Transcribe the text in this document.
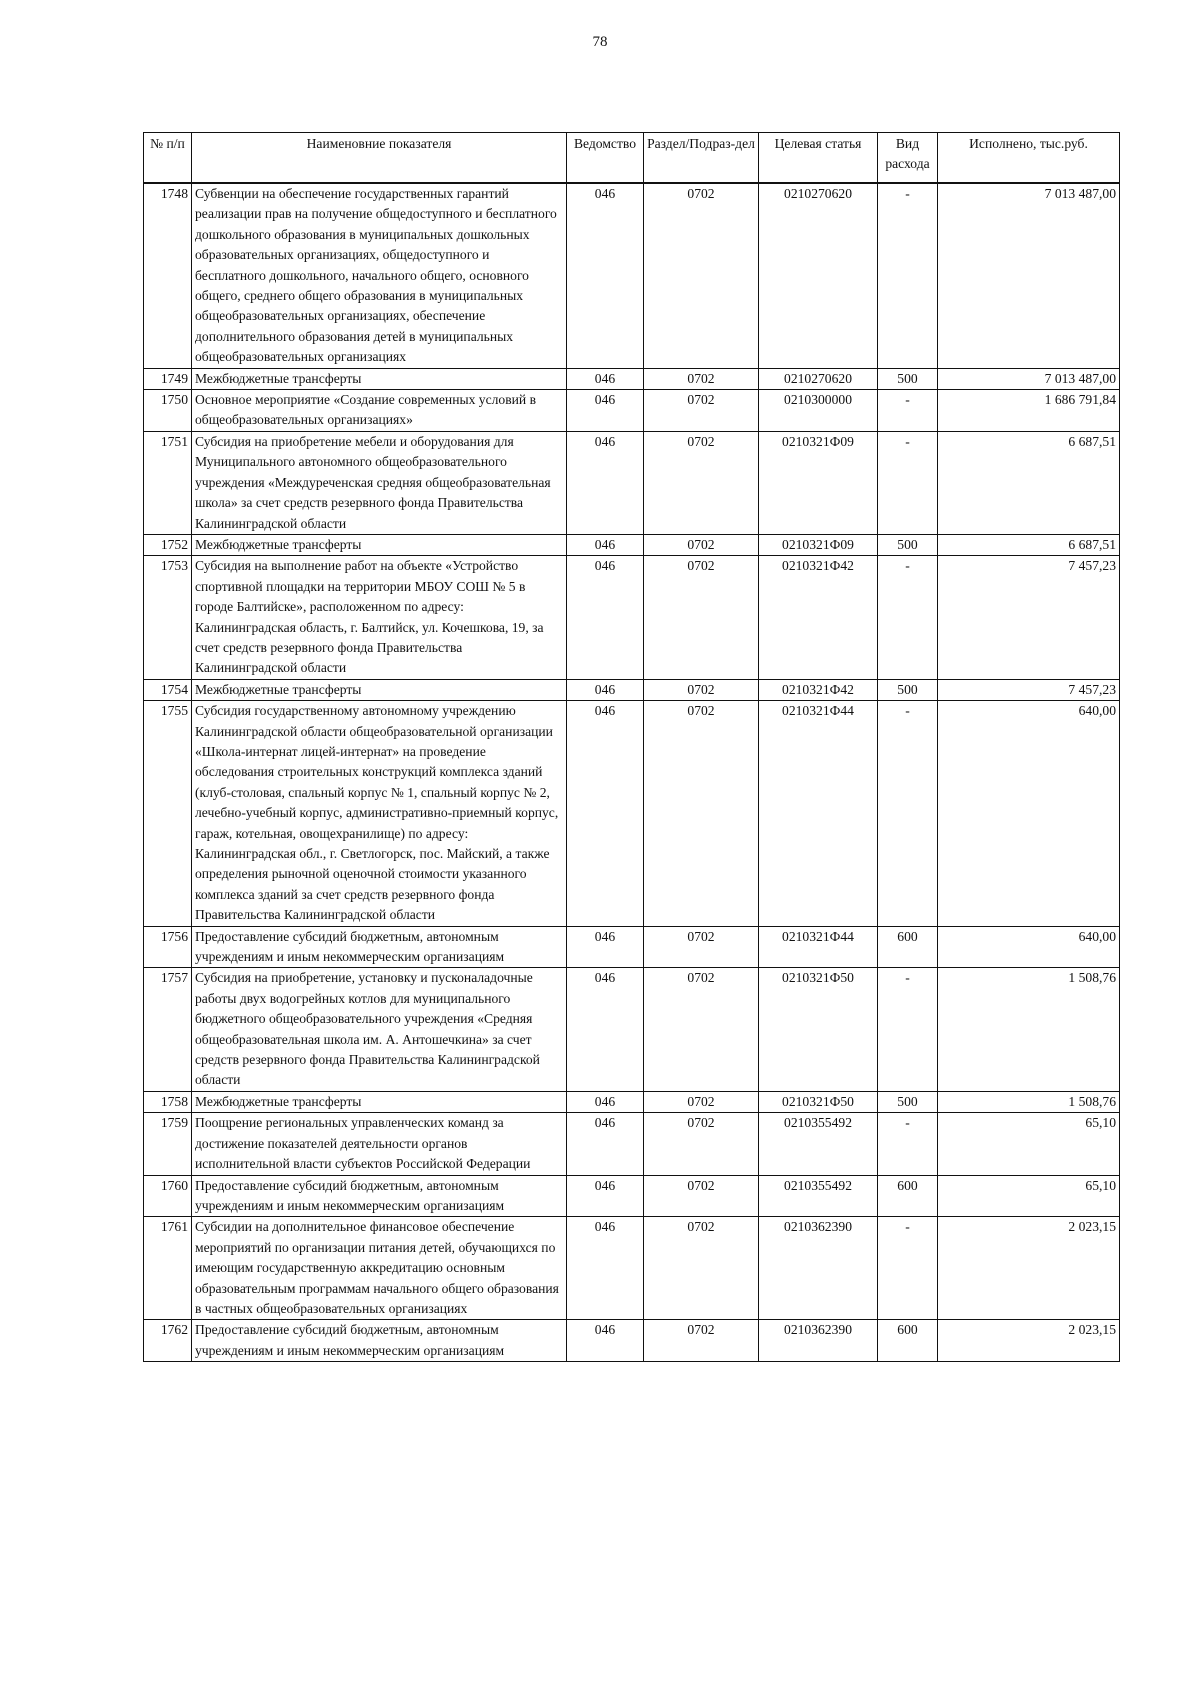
78
№ п/п	Наименовние показателя	Ведомство	Раздел/Подраз-дел	Целевая статья	Вид расхода	Исполнено, тыс.руб.
1748	Субвенции на обеспечение государственных гарантий реализации прав на получение общедоступного и бесплатного дошкольного образования в муниципальных дошкольных образовательных организациях, общедоступного и бесплатного дошкольного, начального общего, основного общего, среднего общего образования в муниципальных общеобразовательных организациях, обеспечение дополнительного образования детей в муниципальных общеобразовательных организациях	046	0702	0210270620	-	7 013 487,00
1749	Межбюджетные трансферты	046	0702	0210270620	500	7 013 487,00
1750	Основное мероприятие «Создание современных условий в общеобразовательных организациях»	046	0702	0210300000	-	1 686 791,84
1751	Субсидия на приобретение мебели и оборудования для Муниципального автономного общеобразовательного учреждения «Междуреченская средняя общеобразовательная школа» за счет средств резервного фонда Правительства Калининградской области	046	0702	0210321Ф09	-	6 687,51
1752	Межбюджетные трансферты	046	0702	0210321Ф09	500	6 687,51
1753	Субсидия на выполнение работ на объекте «Устройство спортивной площадки на территории МБОУ СОШ № 5 в городе Балтийске», расположенном по адресу: Калининградская область, г. Балтийск, ул. Кочешкова, 19, за счет средств резервного фонда Правительства Калининградской области	046	0702	0210321Ф42	-	7 457,23
1754	Межбюджетные трансферты	046	0702	0210321Ф42	500	7 457,23
1755	Субсидия государственному автономному учреждению Калининградской области общеобразовательной организации «Школа-интернат лицей-интернат» на проведение обследования строительных конструкций комплекса зданий (клуб-столовая, спальный корпус № 1, спальный корпус № 2, лечебно-учебный корпус, административно-приемный корпус, гараж, котельная, овощехранилище) по адресу: Калининградская обл., г. Светлогорск, пос. Майский, а также определения рыночной оценочной стоимости указанного комплекса зданий за счет средств резервного фонда Правительства Калининградской области	046	0702	0210321Ф44	-	640,00
1756	Предоставление субсидий бюджетным, автономным учреждениям и иным некоммерческим организациям	046	0702	0210321Ф44	600	640,00
1757	Субсидия на приобретение, установку и пусконаладочные работы двух водогрейных котлов для муниципального бюджетного общеобразовательного учреждения «Средняя общеобразовательная школа им. А. Антошечкина» за счет средств резервного фонда Правительства Калининградской области	046	0702	0210321Ф50	-	1 508,76
1758	Межбюджетные трансферты	046	0702	0210321Ф50	500	1 508,76
1759	Поощрение региональных управленческих команд за достижение показателей деятельности органов исполнительной власти субъектов Российской Федерации	046	0702	0210355492	-	65,10
1760	Предоставление субсидий бюджетным, автономным учреждениям и иным некоммерческим организациям	046	0702	0210355492	600	65,10
1761	Субсидии на дополнительное финансовое обеспечение мероприятий по организации питания детей, обучающихся по имеющим государственную аккредитацию основным образовательным программам начального общего образования в частных общеобразовательных организациях	046	0702	0210362390	-	2 023,15
1762	Предоставление субсидий бюджетным, автономным учреждениям и иным некоммерческим организациям	046	0702	0210362390	600	2 023,15
